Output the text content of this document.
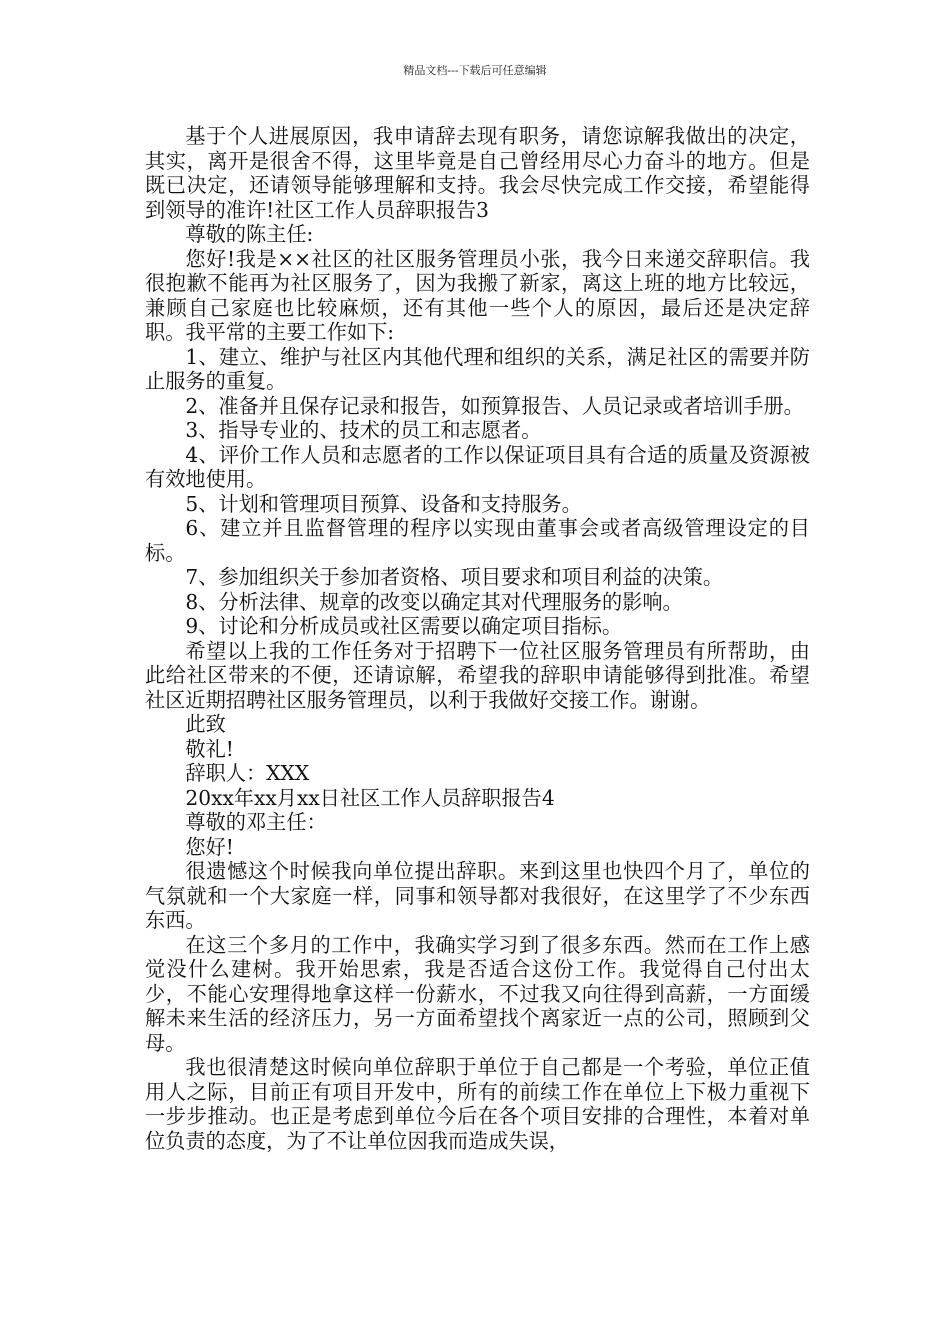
精品文档---下载后可任意编辑

基于个人进展原因，我申请辞去现有职务，请您谅解我做出的决定，其实，离开是很舍不得，这里毕竟是自己曾经用尽心力奋斗的地方。但是既已决定，还请领导能够理解和支持。我会尽快完成工作交接，希望能得到领导的准许!社区工作人员辞职报告3

尊敬的陈主任:

您好!我是××社区的社区服务管理员小张，我今日来递交辞职信。我很抱歉不能再为社区服务了，因为我搬了新家，离这上班的地方比较远，兼顾自己家庭也比较麻烦，还有其他一些个人的原因，最后还是决定辞职。我平常的主要工作如下:

1、建立、维护与社区内其他代理和组织的关系，满足社区的需要并防止服务的重复。

2、准备并且保存记录和报告，如预算报告、人员记录或者培训手册。

3、指导专业的、技术的员工和志愿者。

4、评价工作人员和志愿者的工作以保证项目具有合适的质量及资源被有效地使用。

5、计划和管理项目预算、设备和支持服务。

6、建立并且监督管理的程序以实现由董事会或者高级管理设定的目标。

7、参加组织关于参加者资格、项目要求和项目利益的决策。

8、分析法律、规章的改变以确定其对代理服务的影响。

9、讨论和分析成员或社区需要以确定项目指标。

希望以上我的工作任务对于招聘下一位社区服务管理员有所帮助，由此给社区带来的不便，还请谅解，希望我的辞职申请能够得到批准。希望社区近期招聘社区服务管理员，以利于我做好交接工作。谢谢。

此致

敬礼!

辞职人：XXX

20xx年xx月xx日社区工作人员辞职报告4

尊敬的邓主任：

您好!

很遗憾这个时候我向单位提出辞职。来到这里也快四个月了，单位的气氛就和一个大家庭一样，同事和领导都对我很好，在这里学了不少东西东西。

在这三个多月的工作中，我确实学习到了很多东西。然而在工作上感觉没什么建树。我开始思索，我是否适合这份工作。我觉得自己付出太少，不能心安理得地拿这样一份薪水，不过我又向往得到高薪，一方面缓解未来生活的经济压力，另一方面希望找个离家近一点的公司，照顾到父母。

我也很清楚这时候向单位辞职于单位于自己都是一个考验，单位正值用人之际，目前正有项目开发中，所有的前续工作在单位上下极力重视下一步步推动。也正是考虑到单位今后在各个项目安排的合理性，本着对单位负责的态度，为了不让单位因我而造成失误，
